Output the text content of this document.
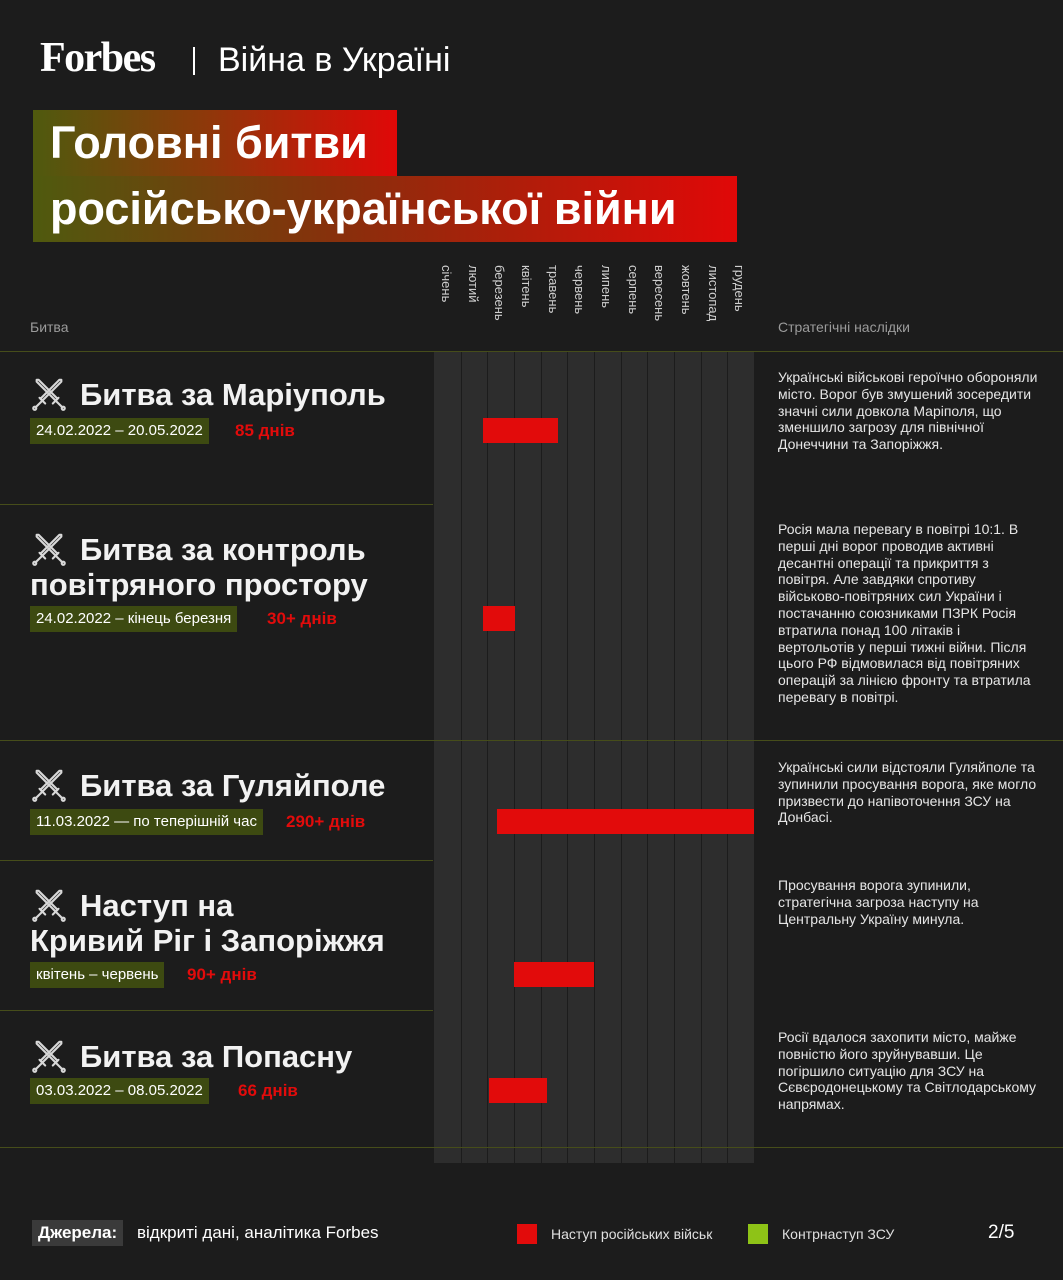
Forbes Війна в Україні
Головні битви
російсько-української війни
Битва	Стратегічні наслідки
січень лютий березень квітень травень червень липень серпень вересень жовтень листопад грудень
Битва за Маріуполь
24.02.2022 – 20.05.2022	85 днів
Українські військові героїчно обороняли місто. Ворог був змушений зосередити значні сили довкола Маріполя, що зменшило загрозу для північної Донеччини та Запоріжжя.
Битва за контроль
повітряного простору
24.02.2022 – кінець березня	30+ днів
Росія мала перевагу в повітрі 10:1. В перші дні ворог проводив активні десантні операції та прикриття з повітря. Але завдяки спротиву військово-повітряних сил України і постачанню союзниками ПЗРК Росія втратила понад 100 літаків і вертольотів у перші тижні війни. Після цього РФ відмовилася від повітряних операцій за лінією фронту та втратила перевагу в повітрі.
Битва за Гуляйполе
11.03.2022 — по теперішній час	290+ днів
Українські сили відстояли Гуляйполе та зупинили просування ворога, яке могло призвести до напівоточення ЗСУ на Донбасі.
Наступ на
Кривий Ріг і Запоріжжя
квітень – червень	90+ днів
Просування ворога зупинили, стратегічна загроза наступу на Центральну Україну минула.
Битва за Попасну
03.03.2022 – 08.05.2022	66 днів
Росії вдалося захопити місто, майже повністю його зруйнувавши. Це погіршило ситуацію для ЗСУ на Сєвєродонецькому та Світлодарському напрямах.
Джерела:	відкриті дані, аналітика Forbes	Наступ російських військ	Контрнаступ ЗСУ	2/5
